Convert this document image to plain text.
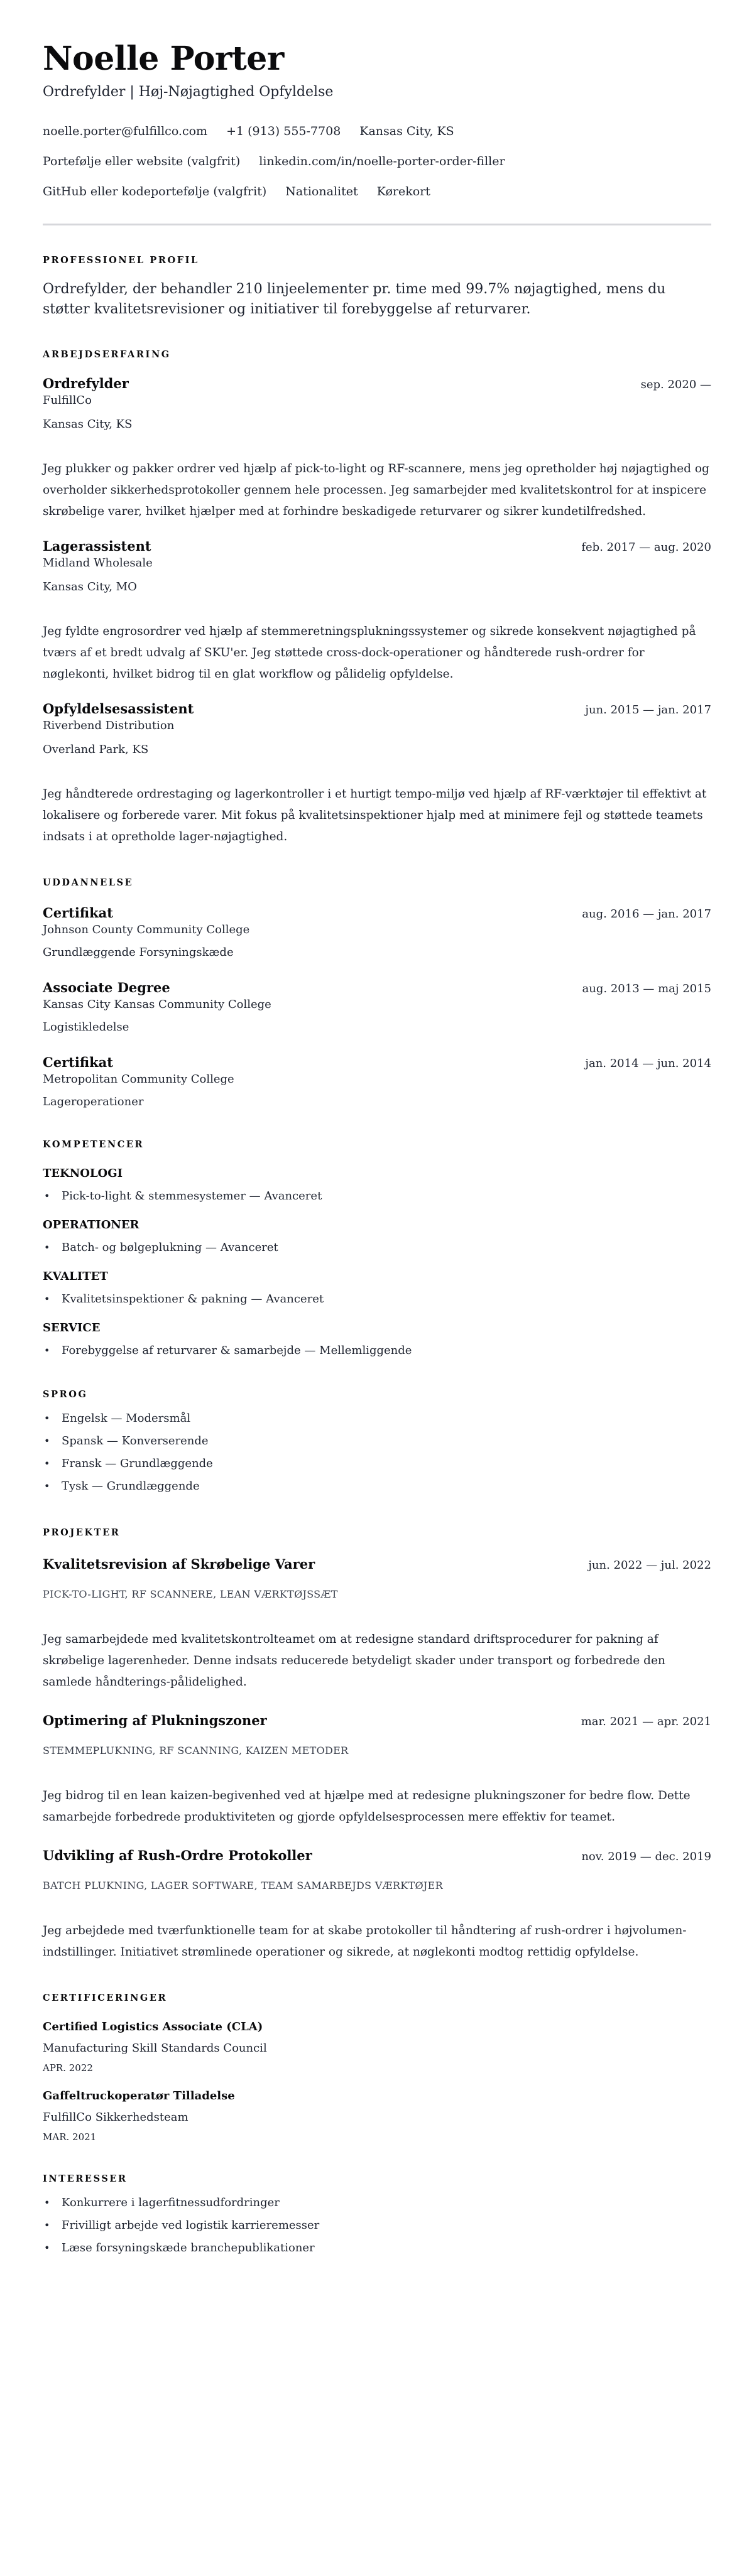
Noelle Porter
Ordrefylder | Høj-Nøjagtighed Opfyldelse
noelle.porter@fulfillco.com +1 (913) 555-7708 Kansas City, KS
Portefølje eller website (valgfrit) linkedin.com/in/noelle-porter-order-filler
GitHub eller kodeportefølje (valgfrit) Nationalitet Kørekort
PROFESSIONEL PROFIL

Ordrefylder, der behandler 210 linjeelementer pr. time med 99.7% nøjagtighed, mens du støtter kvalitetsrevisioner og initiativer til forebyggelse af returvarer.

ARBEJDSERFARING
Ordrefylder	sep. 2020 —
FulfillCo
Kansas City, KS

Jeg plukker og pakker ordrer ved hjælp af pick-to-light og RF-scannere, mens jeg opretholder høj nøjagtighed og overholder sikkerhedsprotokoller gennem hele processen. Jeg samarbejder med kvalitetskontrol for at inspicere skrøbelige varer, hvilket hjælper med at forhindre beskadigede returvarer og sikrer kundetilfredshed.

Lagerassistent	feb. 2017 — aug. 2020
Midland Wholesale
Kansas City, MO

Jeg fyldte engrosordrer ved hjælp af stemmeretningsplukningssystemer og sikrede konsekvent nøjagtighed på tværs af et bredt udvalg af SKU'er. Jeg støttede cross-dock-operationer og håndterede rush-ordrer for nøglekonti, hvilket bidrog til en glat workflow og pålidelig opfyldelse.

Opfyldelsesassistent	jun. 2015 — jan. 2017
Riverbend Distribution
Overland Park, KS

Jeg håndterede ordrestaging og lagerkontroller i et hurtigt tempo-miljø ved hjælp af RF-værktøjer til effektivt at lokalisere og forberede varer. Mit fokus på kvalitetsinspektioner hjalp med at minimere fejl og støttede teamets indsats i at opretholde lager-nøjagtighed.

UDDANNELSE
Certifikat	aug. 2016 — jan. 2017
Johnson County Community College
Grundlæggende Forsyningskæde
Associate Degree	aug. 2013 — maj 2015
Kansas City Kansas Community College
Logistikledelse
Certifikat	jan. 2014 — jun. 2014
Metropolitan Community College
Lageroperationer
KOMPETENCER
TEKNOLOGI
• Pick-to-light & stemmesystemer — Avanceret
OPERATIONER
• Batch- og bølgeplukning — Avanceret
KVALITET
• Kvalitetsinspektioner & pakning — Avanceret
SERVICE
• Forebyggelse af returvarer & samarbejde — Mellemliggende
SPROG
• Engelsk — Modersmål
• Spansk — Konverserende
• Fransk — Grundlæggende
• Tysk — Grundlæggende
PROJEKTER
Kvalitetsrevision af Skrøbelige Varer	jun. 2022 — jul. 2022
PICK-TO-LIGHT, RF SCANNERE, LEAN VÆRKTØJSSÆT

Jeg samarbejdede med kvalitetskontrolteamet om at redesigne standard driftsprocedurer for pakning af skrøbelige lagerenheder. Denne indsats reducerede betydeligt skader under transport og forbedrede den samlede håndterings-pålidelighed.

Optimering af Plukningszoner	mar. 2021 — apr. 2021
STEMMEPLUKNING, RF SCANNING, KAIZEN METODER

Jeg bidrog til en lean kaizen-begivenhed ved at hjælpe med at redesigne plukningszoner for bedre flow. Dette samarbejde forbedrede produktiviteten og gjorde opfyldelsesprocessen mere effektiv for teamet.

Udvikling af Rush-Ordre Protokoller	nov. 2019 — dec. 2019
BATCH PLUKNING, LAGER SOFTWARE, TEAM SAMARBEJDS VÆRKTØJER

Jeg arbejdede med tværfunktionelle team for at skabe protokoller til håndtering af rush-ordrer i højvolumen-indstillinger. Initiativet strømlinede operationer og sikrede, at nøglekonti modtog rettidig opfyldelse.

CERTIFICERINGER
Certified Logistics Associate (CLA)
Manufacturing Skill Standards Council
APR. 2022
Gaffeltruckoperatør Tilladelse
FulfillCo Sikkerhedsteam
MAR. 2021
INTERESSER
• Konkurrere i lagerfitnessudfordringer
• Frivilligt arbejde ved logistik karrieremesser
• Læse forsyningskæde branchepublikationer
